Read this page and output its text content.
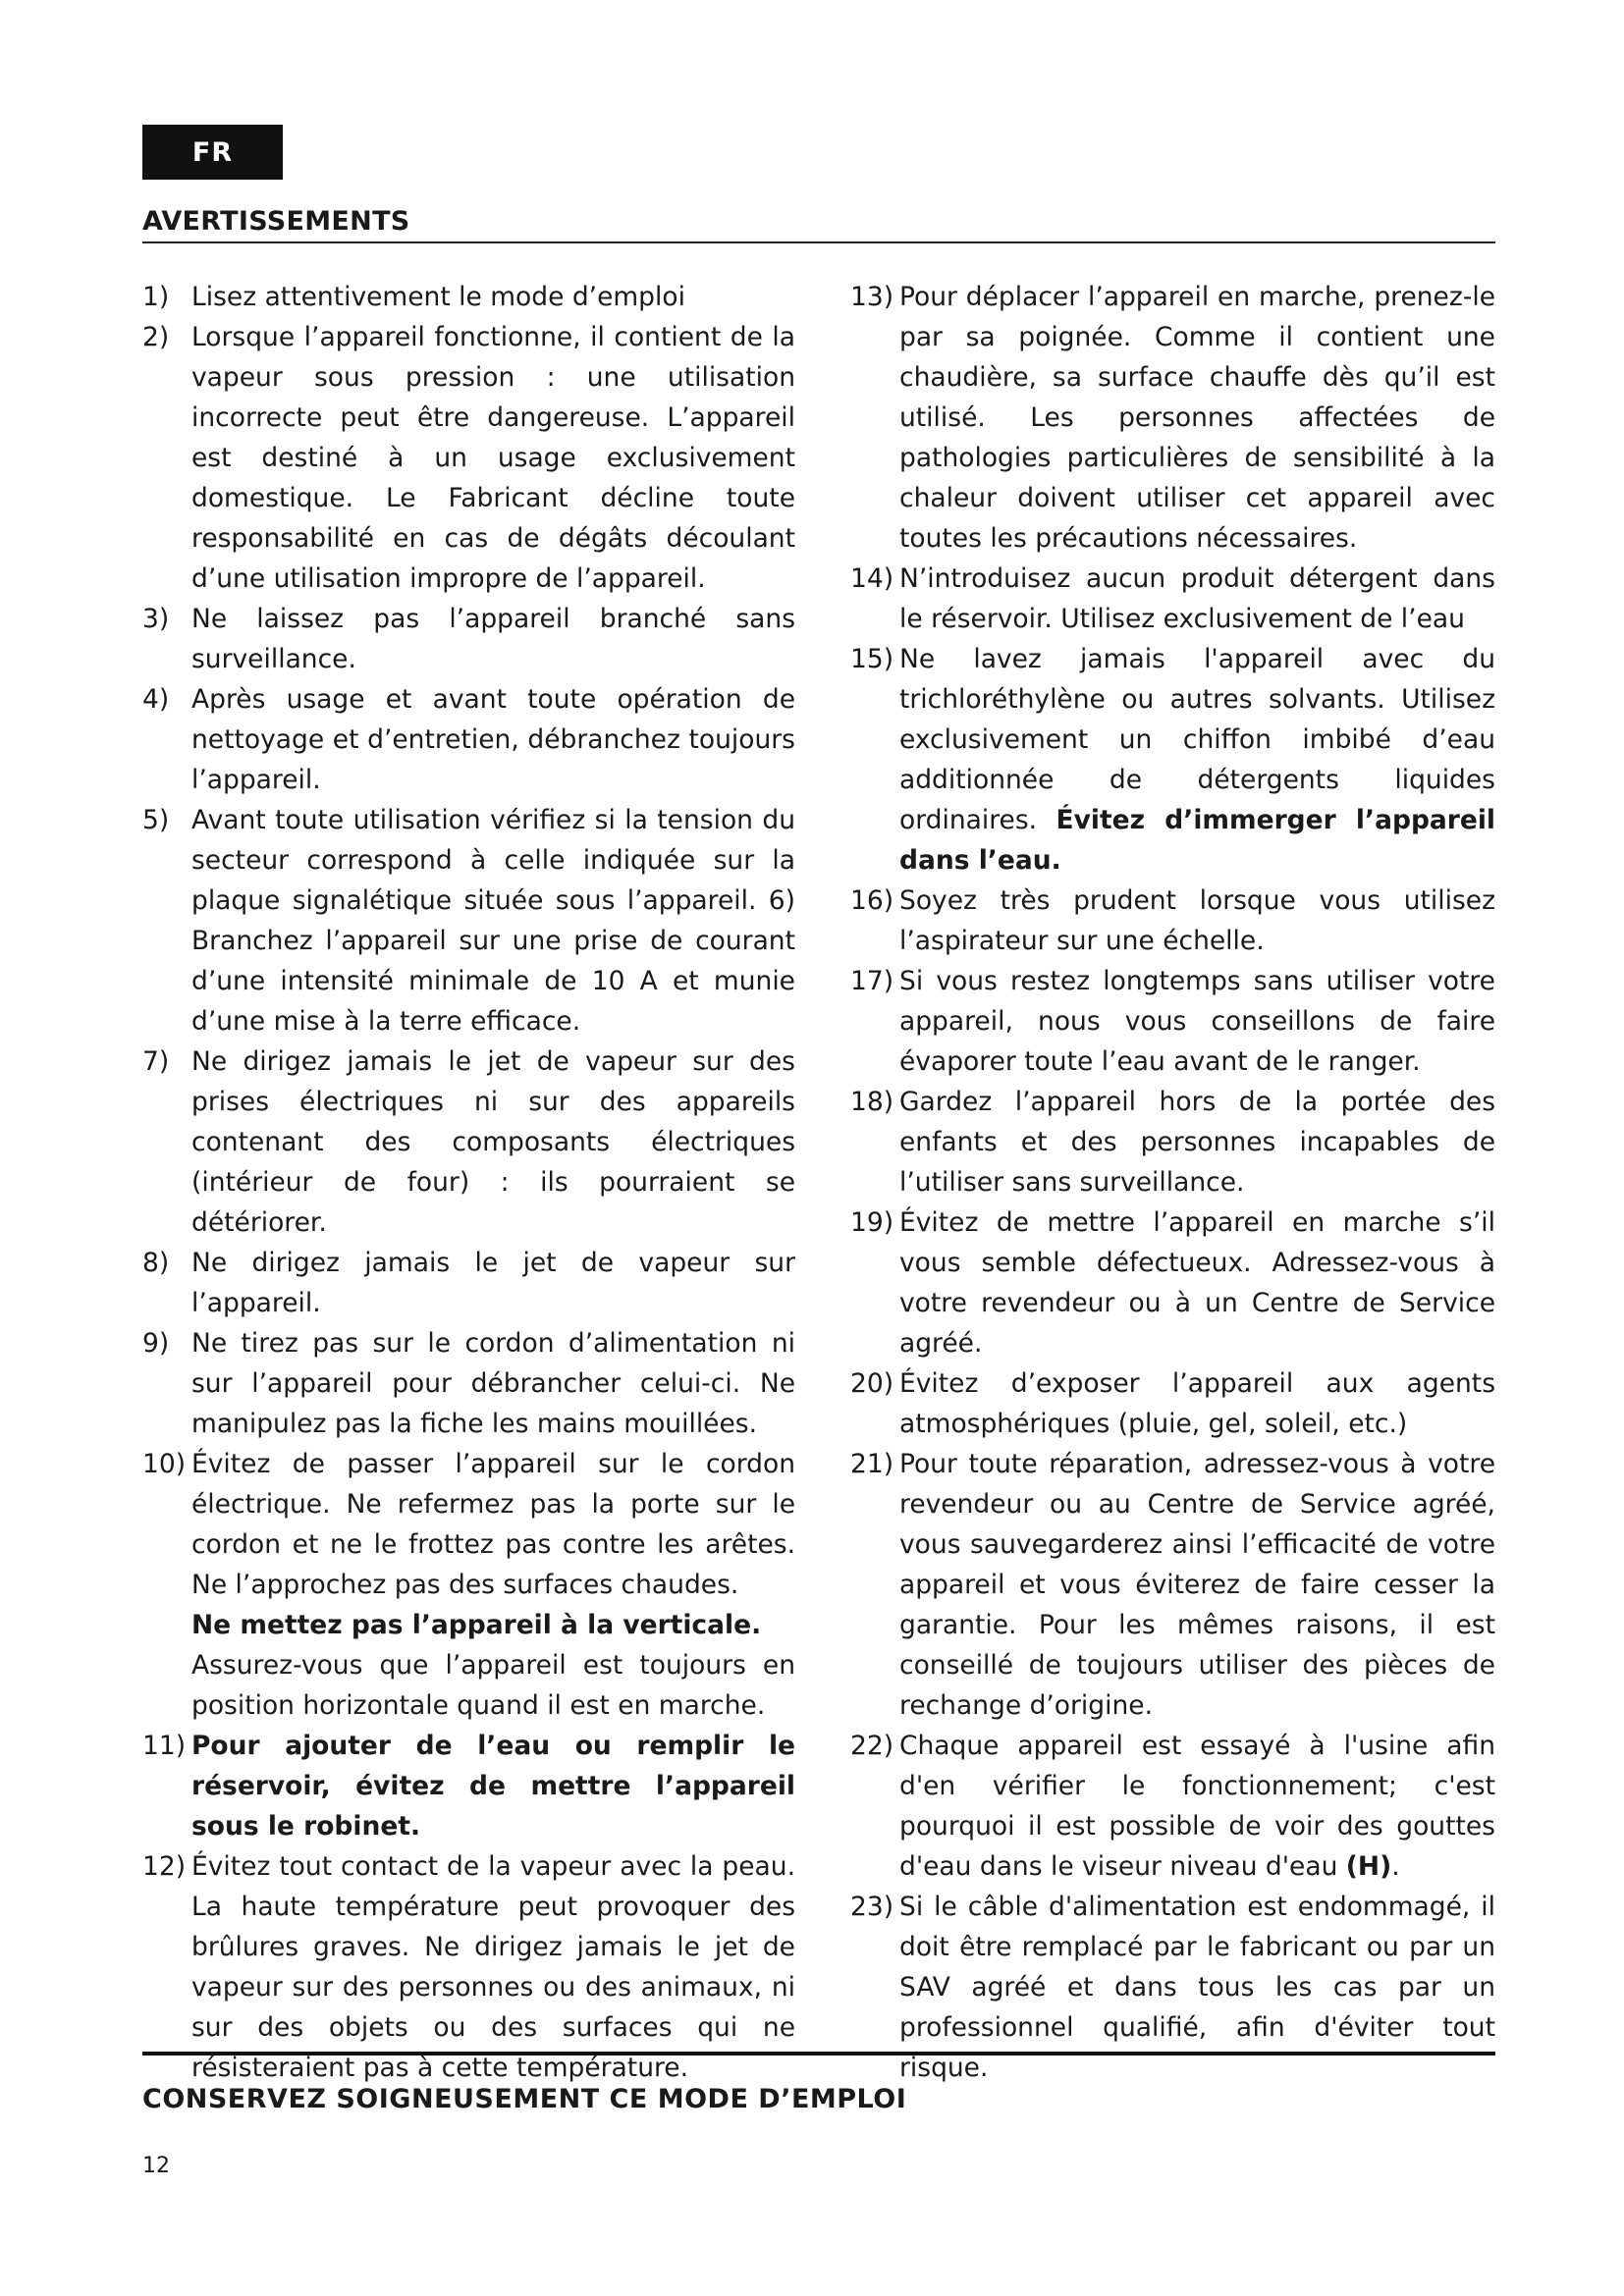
FR
AVERTISSEMENTS
1) Lisez attentivement le mode d’emploi
2) Lorsque l’appareil fonctionne, il contient de la vapeur sous pression : une utilisation incorrecte peut être dangereuse. L’appareil est destiné à un usage exclusivement domestique. Le Fabricant décline toute responsabilité en cas de dégâts découlant d’une utilisation impropre de l’appareil.
3) Ne laissez pas l’appareil branché sans surveillance.
4) Après usage et avant toute opération de nettoyage et d’entretien, débranchez toujours l’appareil.
5) Avant toute utilisation vérifiez si la tension du secteur correspond à celle indiquée sur la plaque signalétique située sous l’appareil. 6) Branchez l’appareil sur une prise de courant d’une intensité minimale de 10 A et munie d’une mise à la terre efficace.
7) Ne dirigez jamais le jet de vapeur sur des prises électriques ni sur des appareils contenant des composants électriques (intérieur de four) : ils pourraient se détériorer.
8) Ne dirigez jamais le jet de vapeur sur l’appareil.
9) Ne tirez pas sur le cordon d’alimentation ni sur l’appareil pour débrancher celui-ci. Ne manipulez pas la fiche les mains mouillées.
10) Évitez de passer l’appareil sur le cordon électrique. Ne refermez pas la porte sur le cordon et ne le frottez pas contre les arêtes. Ne l’approchez pas des surfaces chaudes.

Ne mettez pas l’appareil à la verticale.

Assurez-vous que l’appareil est toujours en position horizontale quand il est en marche.

11) Pour ajouter de l’eau ou remplir le réservoir, évitez de mettre l’appareil sous le robinet.
12) Évitez tout contact de la vapeur avec la peau. La haute température peut provoquer des brûlures graves. Ne dirigez jamais le jet de vapeur sur des personnes ou des animaux, ni sur des objets ou des surfaces qui ne résisteraient pas à cette température.
13) Pour déplacer l’appareil en marche, prenez-le par sa poignée. Comme il contient une chaudière, sa surface chauffe dès qu’il est utilisé. Les personnes affectées de pathologies particulières de sensibilité à la chaleur doivent utiliser cet appareil avec toutes les précautions nécessaires.
14) N’introduisez aucun produit détergent dans le réservoir. Utilisez exclusivement de l’eau
15) Ne lavez jamais l'appareil avec du trichloréthylène ou autres solvants. Utilisez exclusivement un chiffon imbibé d’eau additionnée de détergents liquides ordinaires. Évitez d’immerger l’appareil dans l’eau.
16) Soyez très prudent lorsque vous utilisez l’aspirateur sur une échelle.
17) Si vous restez longtemps sans utiliser votre appareil, nous vous conseillons de faire évaporer toute l’eau avant de le ranger.
18) Gardez l’appareil hors de la portée des enfants et des personnes incapables de l’utiliser sans surveillance.
19) Évitez de mettre l’appareil en marche s’il vous semble défectueux. Adressez-vous à votre revendeur ou à un Centre de Service agréé.
20) Évitez d’exposer l’appareil aux agents atmosphériques (pluie, gel, soleil, etc.)
21) Pour toute réparation, adressez-vous à votre revendeur ou au Centre de Service agréé, vous sauvegarderez ainsi l’efficacité de votre appareil et vous éviterez de faire cesser la garantie. Pour les mêmes raisons, il est conseillé de toujours utiliser des pièces de rechange d’origine.
22) Chaque appareil est essayé à l'usine afin d'en vérifier le fonctionnement; c'est pourquoi il est possible de voir des gouttes d'eau dans le viseur niveau d'eau (H).
23) Si le câble d'alimentation est endommagé, il doit être remplacé par le fabricant ou par un SAV agréé et dans tous les cas par un professionnel qualifié, afin d'éviter tout risque.
CONSERVEZ SOIGNEUSEMENT CE MODE D’EMPLOI
12
